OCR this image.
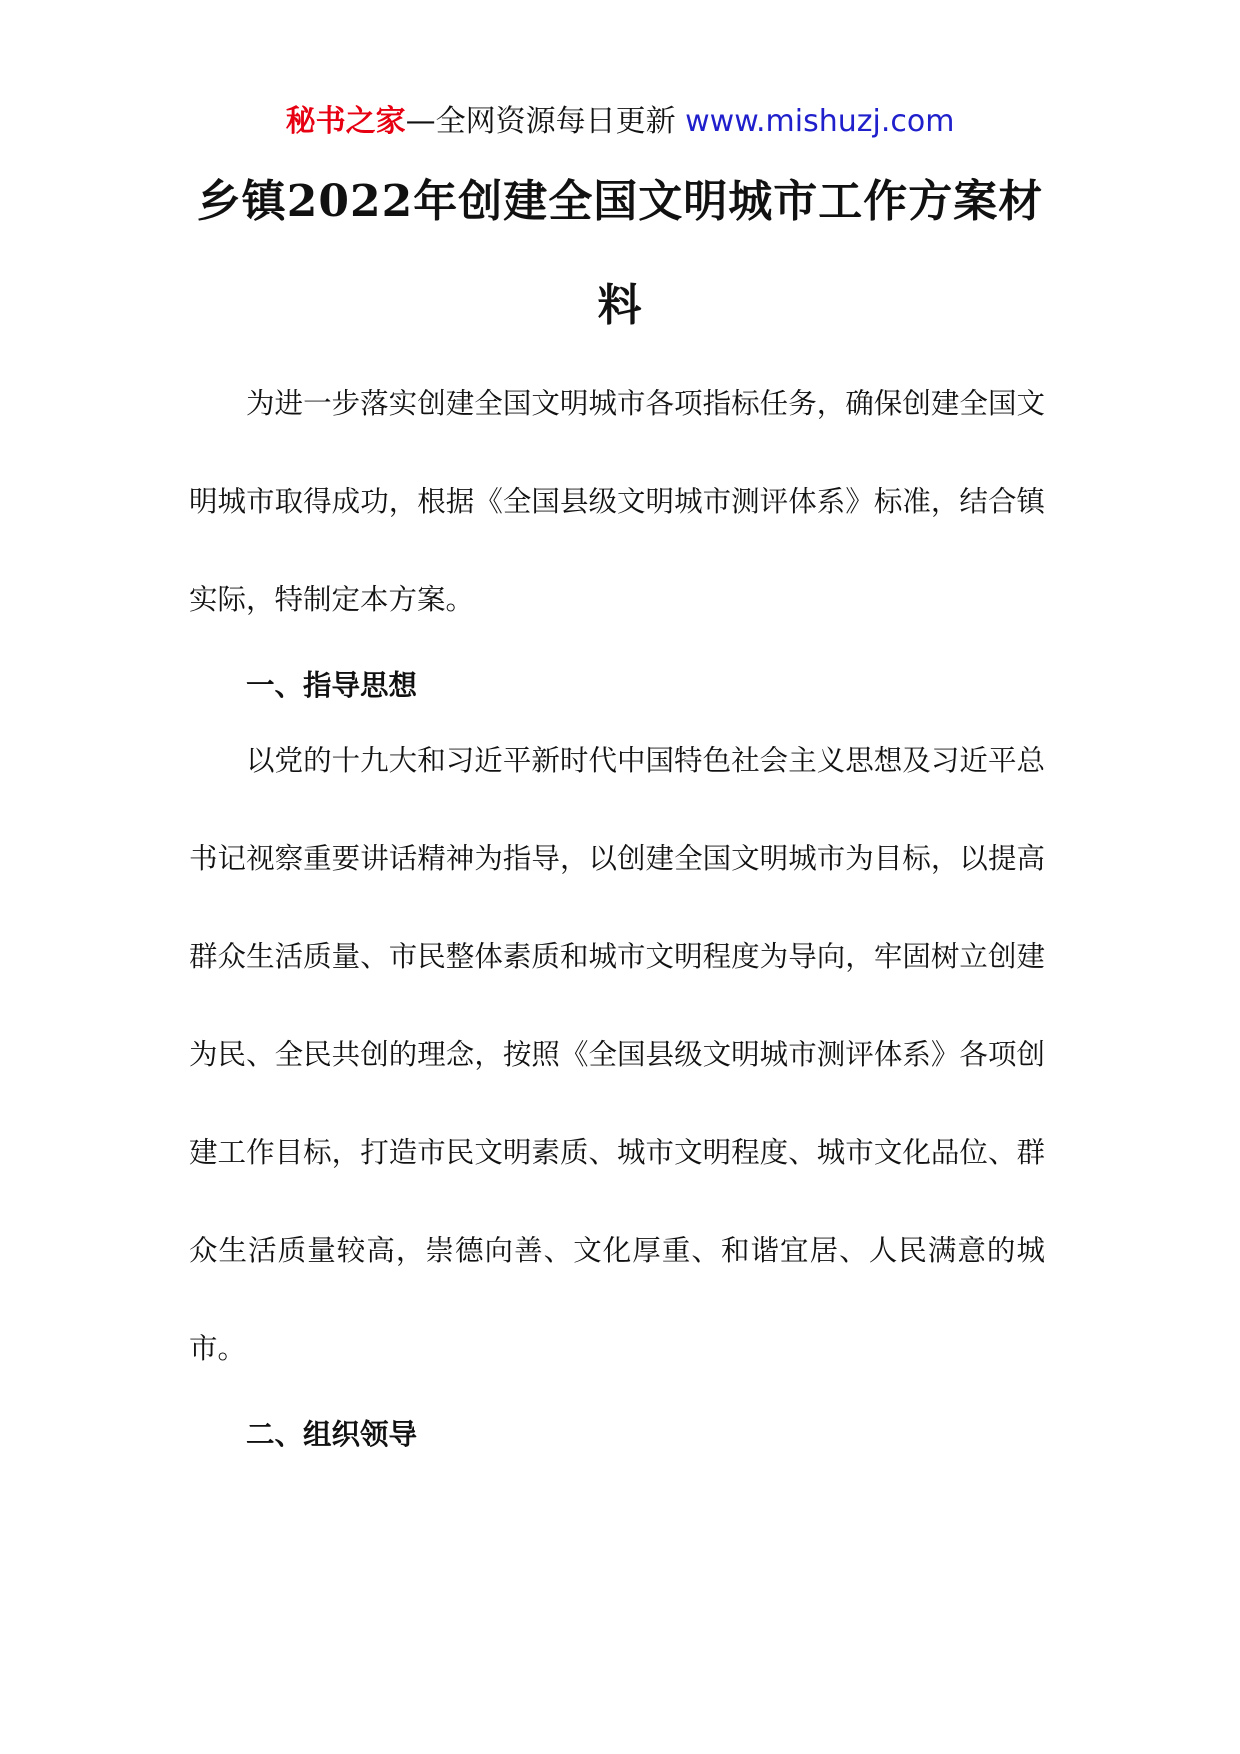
秘书之家—全网资源每日更新 www.mishuzj.com
乡镇2022年创建全国文明城市工作方案材料

为进一步落实创建全国文明城市各项指标任务，确保创建全国文明城市取得成功，根据《全国县级文明城市测评体系》标准，结合镇实际，特制定本方案。

一、指导思想

以党的十九大和习近平新时代中国特色社会主义思想及习近平总书记视察重要讲话精神为指导，以创建全国文明城市为目标，以提高群众生活质量、市民整体素质和城市文明程度为导向，牢固树立创建为民、全民共创的理念，按照《全国县级文明城市测评体系》各项创建工作目标，打造市民文明素质、城市文明程度、城市文化品位、群众生活质量较高，崇德向善、文化厚重、和谐宜居、人民满意的城市。

二、组织领导
